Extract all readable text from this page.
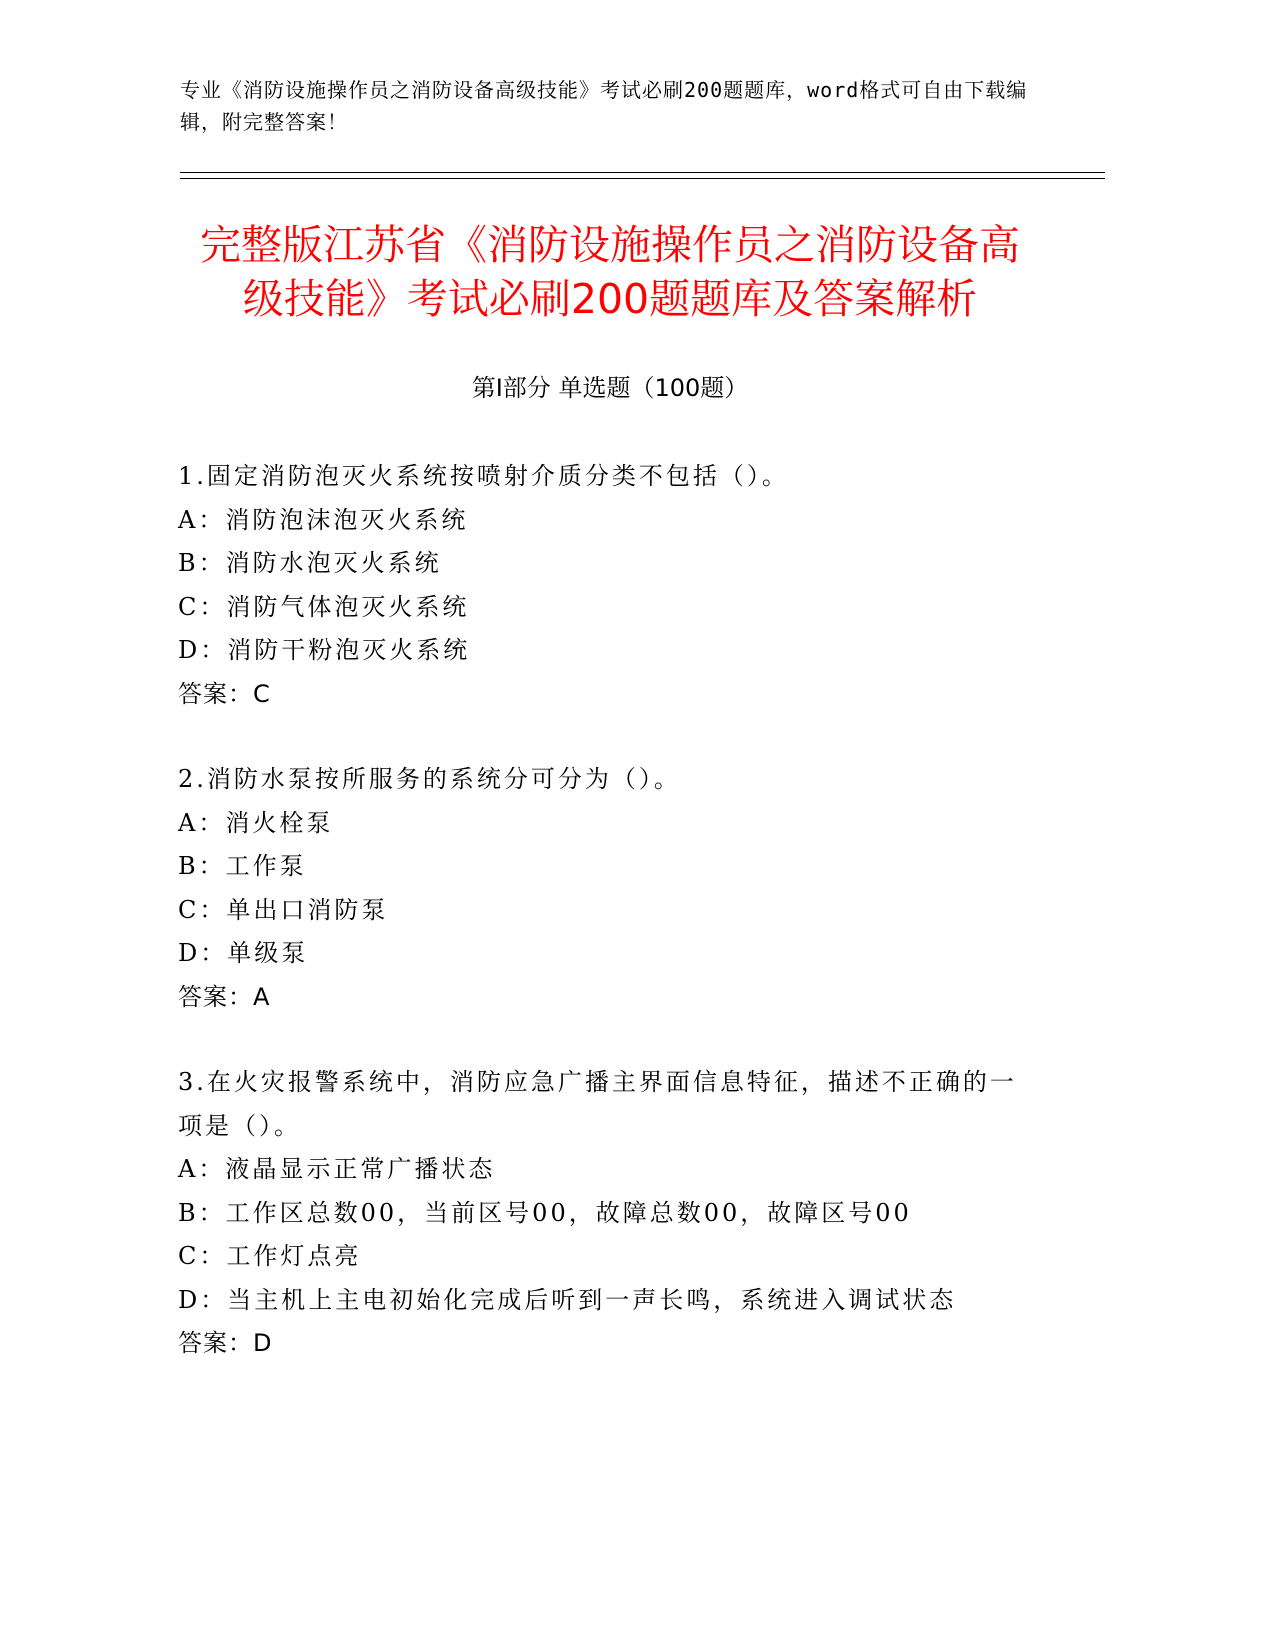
专业《消防设施操作员之消防设备高级技能》考试必刷200题题库，word格式可自由下载编辑，附完整答案！

完整版江苏省《消防设施操作员之消防设备高级技能》考试必刷200题题库及答案解析
第Ⅰ部分 单选题（100题）

1.固定消防泡灭火系统按喷射介质分类不包括（）。

A：消防泡沫泡灭火系统

B：消防水泡灭火系统

C：消防气体泡灭火系统

D：消防干粉泡灭火系统

答案：C

2.消防水泵按所服务的系统分可分为（）。

A：消火栓泵

B：工作泵

C：单出口消防泵

D：单级泵

答案：A

3.在火灾报警系统中，消防应急广播主界面信息特征，描述不正确的一项是（）。

A：液晶显示正常广播状态

B：工作区总数00，当前区号00，故障总数00，故障区号00

C：工作灯点亮

D：当主机上主电初始化完成后听到一声长鸣，系统进入调试状态

答案：D
